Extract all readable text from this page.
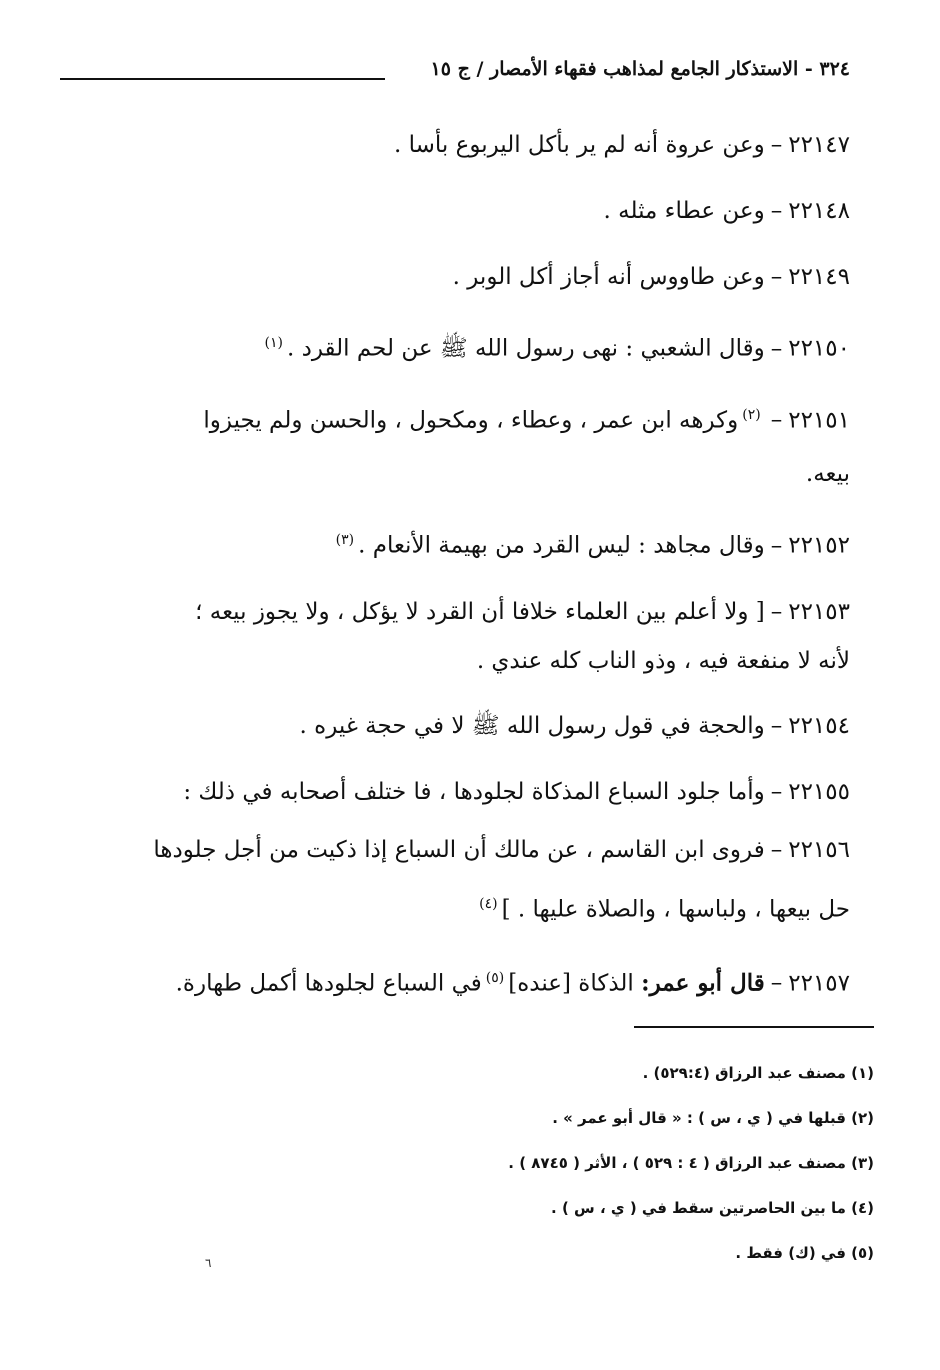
٣٢٤ - الاستذكار الجامع لمذاهب فقهاء الأمصار / ج ١٥
٢٢١٤٧–وعن عروة أنه لم ير بأكل اليربوع بأسا .
٢٢١٤٨–وعن عطاء مثله .
٢٢١٤٩–وعن طاووس أنه أجاز أكل الوبر .
٢٢١٥٠–وقال الشعبي : نهى رسول الله ﷺ عن لحم القرد .$^{(١)}$
٢٢١٥١–$^{(٢)}$وكرهه ابن عمر ، وعطاء ، ومكحول ، والحسن ولم يجيزوا
بيعه.
٢٢١٥٢–وقال مجاهد : ليس القرد من بهيمة الأنعام .$^{(٣)}$
٢٢١٥٣–[ ولا أعلم بين العلماء خلافا أن القرد لا يؤكل ، ولا يجوز بيعه ؛
لأنه لا منفعة فيه ، وذو الناب كله عندي .
٢٢١٥٤–والحجة في قول رسول الله ﷺ لا في حجة غيره .
٢٢١٥٥–وأما جلود السباع المذكاة لجلودها ، فا ختلف أصحابه في ذلك :
٢٢١٥٦–فروى ابن القاسم ، عن مالك أن السباع إذا ذكيت من أجل جلودها
حل بيعها ، ولباسها ، والصلاة عليها . ]$^{(٤)}$
٢٢١٥٧–قال أبو عمر: الذكاة [عنده]$^{(٥)}$في السباع لجلودها أكمل طهارة.
(١) مصنف عبد الرزاق (٥٢٩:٤) .
(٢) قبلها في ( ي ، س ) : « قال أبو عمر » .
(٣) مصنف عبد الرزاق ( ٤ : ٥٢٩ ) ، الأثر ( ٨٧٤٥ ) .
(٤) ما بين الحاصرتين سقط في ( ي ، س ) .
(٥) في (ك) فقط .
٦
